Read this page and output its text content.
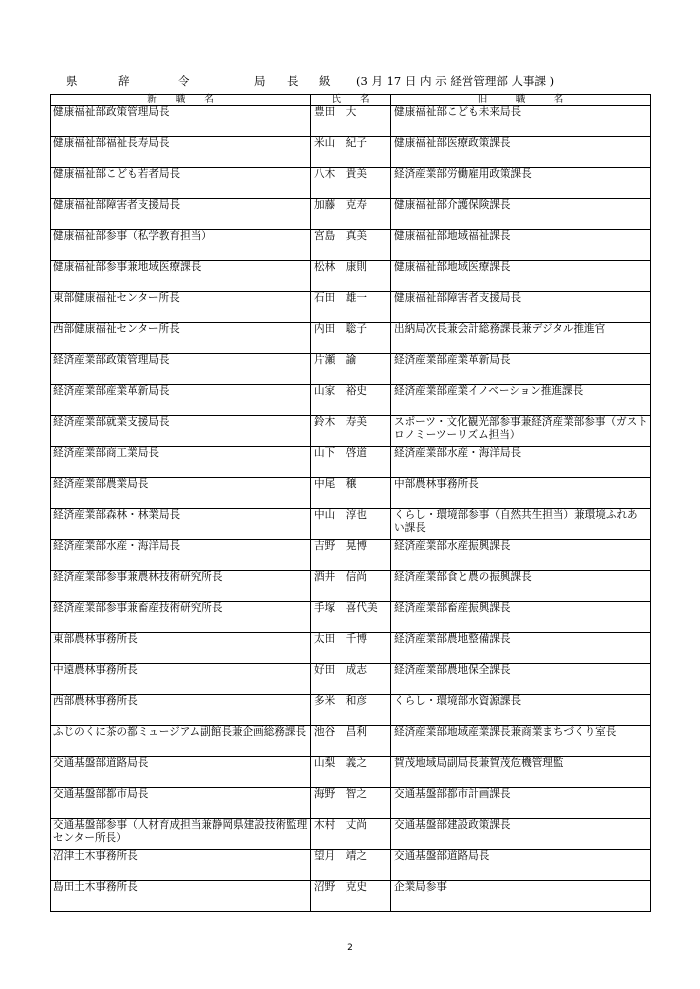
県

	辞

	令

	局

長

級

(3 月 17 日 内 示 経営管理部 人事課 )

新　　職　　名	氏　　名	旧　　　職　　　名
健康福祉部政策管理局長	豊田　大	健康福祉部こども未来局長
健康福祉部福祉長寿局長	米山　紀子	健康福祉部医療政策課長
健康福祉部こども若者局長	八木　貴美	経済産業部労働雇用政策課長
健康福祉部障害者支援局長	加藤　克寿	健康福祉部介護保険課長
健康福祉部参事（私学教育担当）	宮島　真美	健康福祉部地域福祉課長
健康福祉部参事兼地域医療課長	松林　康則	健康福祉部地域医療課長
東部健康福祉センター所長	石田　雄一	健康福祉部障害者支援局長
西部健康福祉センター所長	内田　聡子	出納局次長兼会計総務課長兼デジタル推進官
経済産業部政策管理局長	片瀬　諭	経済産業部産業革新局長
経済産業部産業革新局長	山家　裕史	経済産業部産業イノベーション推進課長
経済産業部就業支援局長	鈴木　寿美	スポーツ・文化観光部参事兼経済産業部参事（ガストロノミーツーリズム担当）
経済産業部商工業局長	山下　啓道	経済産業部水産・海洋局長
経済産業部農業局長	中尾　穣	中部農林事務所長
経済産業部森林・林業局長	中山　淳也	くらし・環境部参事（自然共生担当）兼環境ふれあい課長
経済産業部水産・海洋局長	吉野　晃博	経済産業部水産振興課長
経済産業部参事兼農林技術研究所長	酒井　信尚	経済産業部食と農の振興課長
経済産業部参事兼畜産技術研究所長	手塚　喜代美	経済産業部畜産振興課長
東部農林事務所長	太田　千博	経済産業部農地整備課長
中遠農林事務所長	好田　成志	経済産業部農地保全課長
西部農林事務所長	多米　和彦	くらし・環境部水資源課長
ふじのくに茶の都ミュージアム副館長兼企画総務課長	池谷　昌利	経済産業部地域産業課長兼商業まちづくり室長
交通基盤部道路局長	山梨　義之	賀茂地域局副局長兼賀茂危機管理監
交通基盤部都市局長	海野　智之	交通基盤部都市計画課長
交通基盤部参事（人材育成担当兼静岡県建設技術監理センター所長）	木村　丈尚	交通基盤部建設政策課長
沼津土木事務所長	望月　靖之	交通基盤部道路局長
島田土木事務所長	沼野　克史	企業局参事
2
